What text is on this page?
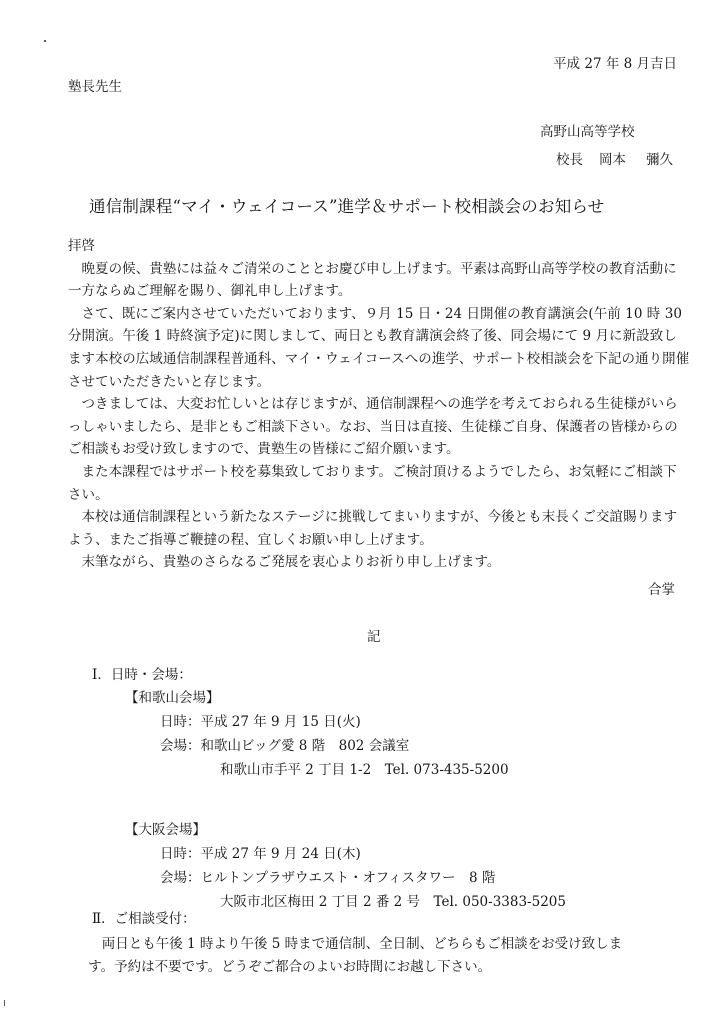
平成 27 年 8 月吉日
塾長先生
高野山高等学校
校長 岡本 彌久
通信制課程“マイ・ウェイコース”進学＆サポート校相談会のお知らせ

拝啓

晩夏の候、貴塾には益々ご清栄のこととお慶び申し上げます。平素は高野山高等学校の教育活動に一方ならぬご理解を賜り、御礼申し上げます。

さて、既にご案内させていただいております、９月 15 日・24 日開催の教育講演会(午前 10 時 30 分開演。午後 1 時終演予定)に関しまして、両日とも教育講演会終了後、同会場にて 9 月に新設致します本校の広域通信制課程普通科、マイ・ウェイコースへの進学、サポート校相談会を下記の通り開催させていただきたいと存じます。

つきましては、大変お忙しいとは存じますが、通信制課程への進学を考えておられる生徒様がいらっしゃいましたら、是非ともご相談下さい。なお、当日は直接、生徒様ご自身、保護者の皆様からのご相談もお受け致しますので、貴塾生の皆様にご紹介願います。

また本課程ではサポート校を募集致しております。ご検討頂けるようでしたら、お気軽にご相談下さい。

本校は通信制課程という新たなステージに挑戦してまいりますが、今後とも末長くご交誼賜りますよう、またご指導ご鞭撻の程、宜しくお願い申し上げます。

末筆ながら、貴塾のさらなるご発展を衷心よりお祈り申し上げます。

合掌
記
Ⅰ．日時・会場：
【和歌山会場】
日時：平成 27 年 9 月 15 日(火)
会場：和歌山ビッグ愛 8 階　802 会議室
和歌山市手平 2 丁目 1-2　Tel. 073-435-5200
【大阪会場】
日時：平成 27 年 9 月 24 日(木)
会場：ヒルトンプラザウエスト・オフィスタワー　8 階
大阪市北区梅田 2 丁目 2 番 2 号　Tel. 050-3383-5205
Ⅱ．ご相談受付：

両日とも午後 1 時より午後 5 時まで通信制、全日制、どちらもご相談をお受け致しま

す。予約は不要です。どうぞご都合のよいお時間にお越し下さい。
